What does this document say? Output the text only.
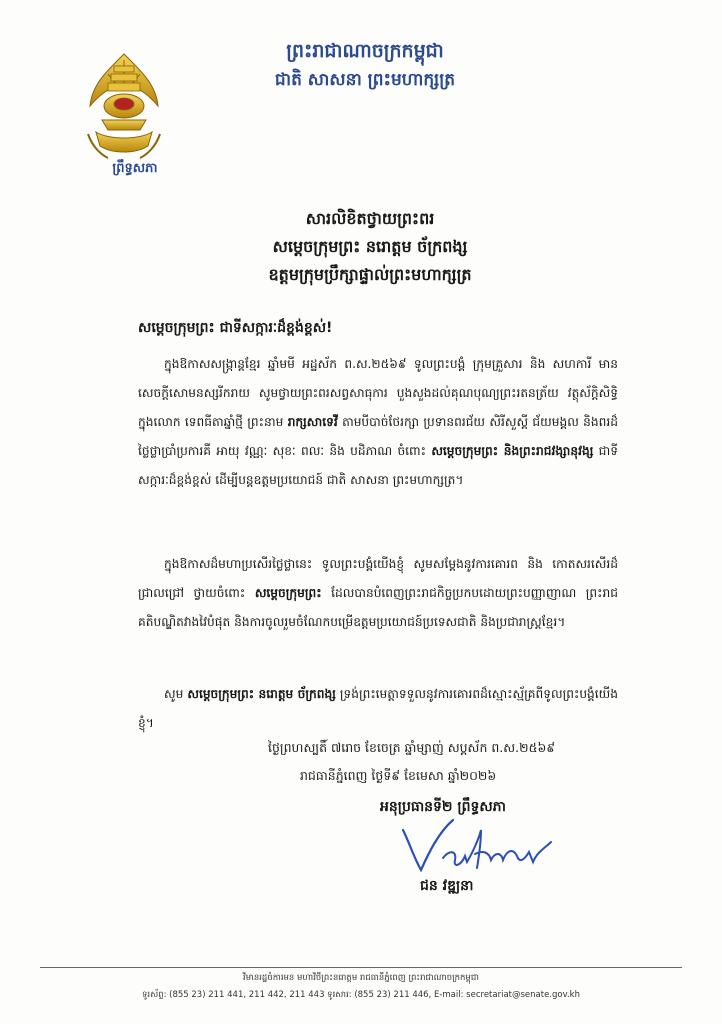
ព្រឹទ្ធសភា
ព្រះរាជាណាចក្រកម្ពុជា
ជាតិ សាសនា ព្រះមហាក្សត្រ
សារលិខិតថ្វាយព្រះពរ
សម្តេចក្រុមព្រះ នរោត្តម ច័ក្រពង្ស
ឧត្តមក្រុមប្រឹក្សាផ្ទាល់ព្រះមហាក្សត្រ
សម្តេចក្រុមព្រះ ជាទីសក្ការៈដ៏ខ្ពង់ខ្ពស់!
ក្នុងឱកាសសង្ក្រាន្តខ្មែរ ឆ្នាំមមី អដ្ឋស័ក ព.ស.២៥៦៩ ទូលព្រះបង្គំ ក្រុមគ្រួសារ និង សហការី មានសេចក្តីសោមនស្សរីករាយ សូមថ្វាយព្រះពរសព្វសាធុការ បួងសួងដល់គុណបុណ្យព្រះរតនត្រ័យ វត្ថុស័ក្តិសិទ្ធិក្នុងលោក ទេពធីតាឆ្នាំថ្មី ព្រះនាម រាក្សសាទេវី តាមបីបាច់ថែរក្សា ប្រទានពរជ័យ សិរីសួស្តី ជ័យមង្គល និងពរដ៏ថ្លៃថ្លាប្រាំប្រការគឺ អាយុ វណ្ណៈ សុខៈ ពលៈ និង បដិភាណ ចំពោះ សម្តេចក្រុមព្រះ និងព្រះរាជវង្សានុវង្ស ជាទីសក្ការៈដ៏ខ្ពង់ខ្ពស់ ដើម្បីបន្តឧត្តមប្រយោជន៍ ជាតិ សាសនា ព្រះមហាក្សត្រ។
ក្នុងឱកាសដ៏មហាប្រសើរថ្លៃថ្លានេះ ទូលព្រះបង្គំយើងខ្ញុំ សូមសម្តែងនូវការគោរព និង កោតសរសើរដ៏ជ្រាលជ្រៅ ថ្វាយចំពោះ សម្តេចក្រុមព្រះ ដែលបានបំពេញព្រះរាជកិច្ចប្រកបដោយព្រះបញ្ញាញាណ ព្រះរាជគតិបណ្ឌិតវាងវៃបំផុត និងការចូលរួមចំណែកបម្រើឧត្តមប្រយោជន៍ប្រទេសជាតិ និងប្រជារាស្ត្រខ្មែរ។
សូម សម្តេចក្រុមព្រះ នរោត្តម ច័ក្រពង្ស ទ្រង់ព្រះមេត្តាទទួលនូវការគោរពដ៏ស្មោះស្ម័គ្រពីទូលព្រះបង្គំយើងខ្ញុំ។
ថ្ងៃព្រហស្បតិ៍ ៧រោច ខែចេត្រ ឆ្នាំម្សាញ់ សប្តស័ក ព.ស.២៥៦៩
រាជធានីភ្នំពេញ ថ្ងៃទី៩ ខែមេសា ឆ្នាំ២០២៦
អនុប្រធានទី២ ព្រឹទ្ធសភា
ជន វឌ្ឍនា
វិមានរដ្ឋចំការមន មហាវិថីព្រះនរោត្តម រាជធានីភ្នំពេញ ព្រះរាជាណាចក្រកម្ពុជា
ទូរស័ព្ទ: (855 23) 211 441, 211 442, 211 443 ទូរសារ: (855 23) 211 446, E-mail: secretariat@senate.gov.kh
